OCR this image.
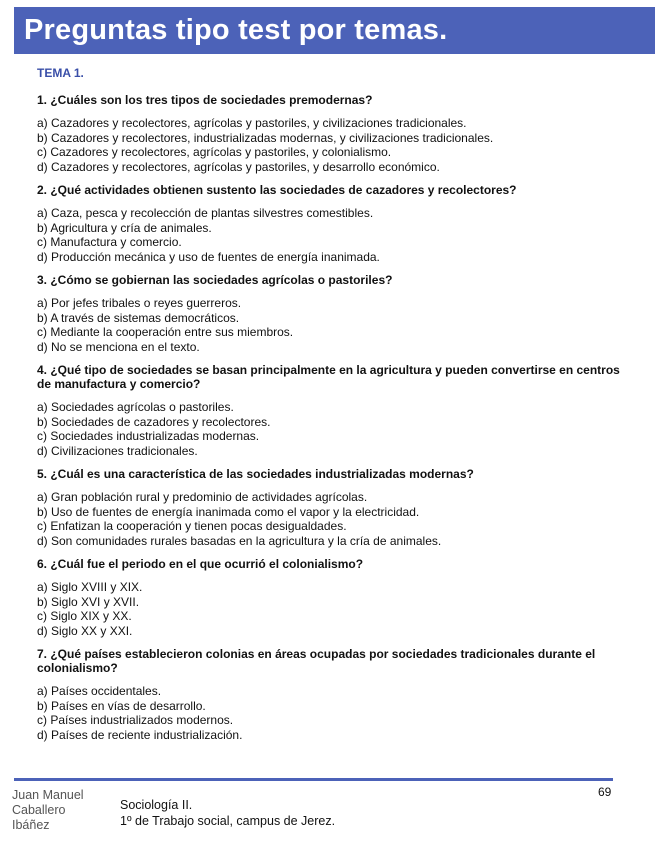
Preguntas tipo test por temas.
TEMA 1.
1. ¿Cuáles son los tres tipos de sociedades premodernas?
a) Cazadores y recolectores, agrícolas y pastoriles, y civilizaciones tradicionales.
b) Cazadores y recolectores, industrializadas modernas, y civilizaciones tradicionales.
c) Cazadores y recolectores, agrícolas y pastoriles, y colonialismo.
d) Cazadores y recolectores, agrícolas y pastoriles, y desarrollo económico.
2. ¿Qué actividades obtienen sustento las sociedades de cazadores y recolectores?
a) Caza, pesca y recolección de plantas silvestres comestibles.
b) Agricultura y cría de animales.
c) Manufactura y comercio.
d) Producción mecánica y uso de fuentes de energía inanimada.
3. ¿Cómo se gobiernan las sociedades agrícolas o pastoriles?
a) Por jefes tribales o reyes guerreros.
b) A través de sistemas democráticos.
c) Mediante la cooperación entre sus miembros.
d) No se menciona en el texto.
4. ¿Qué tipo de sociedades se basan principalmente en la agricultura y pueden convertirse en centros de manufactura y comercio?
a) Sociedades agrícolas o pastoriles.
b) Sociedades de cazadores y recolectores.
c) Sociedades industrializadas modernas.
d) Civilizaciones tradicionales.
5. ¿Cuál es una característica de las sociedades industrializadas modernas?
a) Gran población rural y predominio de actividades agrícolas.
b) Uso de fuentes de energía inanimada como el vapor y la electricidad.
c) Enfatizan la cooperación y tienen pocas desigualdades.
d) Son comunidades rurales basadas en la agricultura y la cría de animales.
6. ¿Cuál fue el periodo en el que ocurrió el colonialismo?
a) Siglo XVIII y XIX.
b) Siglo XVI y XVII.
c) Siglo XIX y XX.
d) Siglo XX y XXI.
7. ¿Qué países establecieron colonias en áreas ocupadas por sociedades tradicionales durante el colonialismo?
a) Países occidentales.
b) Países en vías de desarrollo.
c) Países industrializados modernos.
d) Países de reciente industrialización.
69
Juan Manuel
Caballero
Ibáñez
Sociología II.
1º de Trabajo social, campus de Jerez.
